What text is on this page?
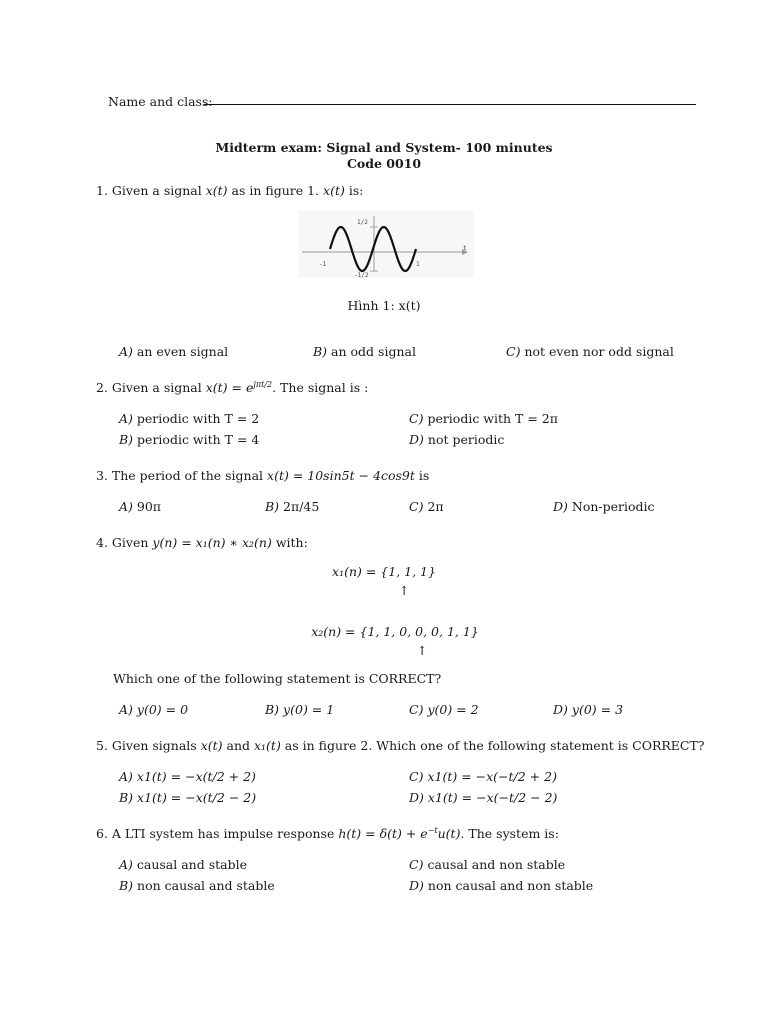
Name and class:
Midterm exam: Signal and System- 100 minutes
Code 0010
1. Given a signal x(t) as in figure 1. x(t) is:
1/2
-1/2
-1	1
t
Hình 1: x(t)
A) an even signal	B) an odd signal	C) not even nor odd signal
2. Given a signal $x(t) = e^{j\pi t/2}$. The signal is :
A) periodic with T = 2
B) periodic with T = 4
C) periodic with T = 2π
D) not periodic
3. The period of the signal x(t) = 10sin5t − 4cos9t is
A) 90π	B) 2π/45	C) 2π	D) Non-periodic
4. Given y(n) = x₁(n) ∗ x₂(n) with:
x₁(n) = {1, 1, 1}
↑
x₂(n) = {1, 1, 0, 0, 0, 1, 1}
↑
Which one of the following statement is CORRECT?
A) y(0) = 0	B) y(0) = 1	C) y(0) = 2	D) y(0) = 3
5. Given signals x(t) and x₁(t) as in figure 2. Which one of the following statement is CORRECT?
A) x1(t) = −x(t/2 + 2)
B) x1(t) = −x(t/2 − 2)
C) x1(t) = −x(−t/2 + 2)
D) x1(t) = −x(−t/2 − 2)
6. A LTI system has impulse response $h(t) = \delta(t) + e^{-t}u(t)$. The system is:
A) causal and stable
B) non causal and stable
C) causal and non stable
D) non causal and non stable
